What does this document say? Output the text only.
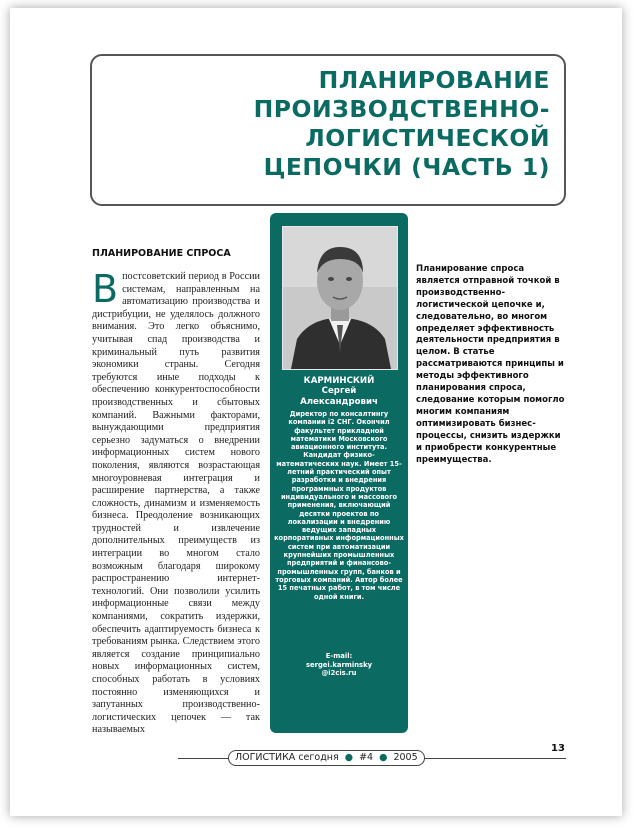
ПЛАНИРОВАНИЕ
ПРОИЗВОДСТВЕННО-
ЛОГИСТИЧЕСКОЙ
ЦЕПОЧКИ (ЧАСТЬ 1)
ПЛАНИРОВАНИЕ СПРОСА

В постсоветский период в России системам, направленным на автоматизацию производства и дистрибуции, не уделялось должного внимания. Это легко объяснимо, учитывая спад производства и криминальный путь развития экономики страны. Сегодня требуются иные подходы к обеспечению конкурентоспособности производственных и сбытовых компаний. Важными факторами, вынуждающими предприятия серьезно задуматься о внедрении информационных систем нового поколения, являются возрастающая многоуровневая интеграция и расширение партнерства, а также сложность, динамизм и изменяемость бизнеса. Преодоление возникающих трудностей и извлечение дополнительных преимуществ из интеграции во многом стало возможным благодаря широкому распространению интернет-технологий. Они позволили усилить информационные связи между компаниями, сократить издержки, обеспечить адаптируемость бизнеса к требованиям рынка. Следствием этого является создание принципиально новых информационных систем, способных работать в условиях постоянно изменяющихся и запутанных производственно-логистических цепочек — так называемых

КАРМИНСКИЙ
Сергей
Александрович

Директор по консалтингу компании i2 СНГ. Окончил факультет прикладной математики Московского авиационного института. Кандидат физико-математических наук. Имеет 15-летний практический опыт разработки и внедрения программных продуктов индивидуального и массового применения, включающий десятки проектов по локализации и внедрению ведущих западных корпоративных информационных систем при автоматизации крупнейших промышленных предприятий и финансово-промышленных групп, банков и торговых компаний. Автор более 15 печатных работ, в том числе одной книги.

E-mail:
sergei.karminsky
@i2cis.ru

Планирование спроса является отправной точкой в производственно-логистической цепочке и, следовательно, во многом определяет эффективность деятельности предприятия в целом. В статье рассматриваются принципы и методы эффективного планирования спроса, следование которым помогло многим компаниям оптимизировать бизнес-процессы, снизить издержки и приобрести конкурентные преимущества.

ЛОГИСТИКА сегодня ● #4 ● 2005
13
